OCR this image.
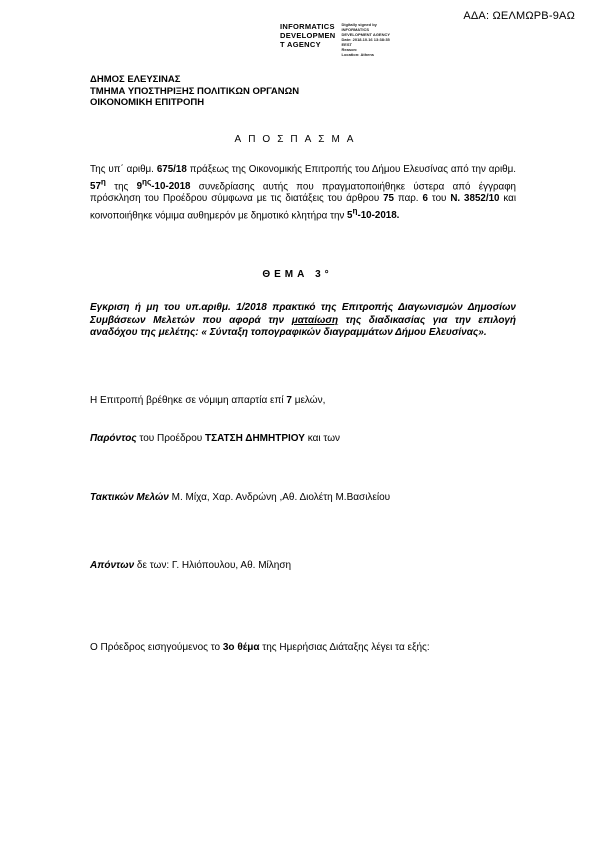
ΑΔΑ: ΩΕΛΜΩΡΒ-9ΑΩ
INFORMATICS
DEVELOPMEN
T AGENCY
Digitally signed by
INFORMATICS
DEVELOPMENT AGENCY
Date: 2018.10.16 13:38:35
EEST
Reason:
Location: Athens
ΔΗΜΟΣ ΕΛΕΥΣΙΝΑΣ
ΤΜΗΜΑ ΥΠΟΣΤΗΡΙΞΗΣ ΠΟΛΙΤΙΚΩΝ ΟΡΓΑΝΩΝ
ΟΙΚΟΝΟΜΙΚΗ ΕΠΙΤΡΟΠΗ
ΑΠΟΣΠΑΣΜΑ
Της υπ΄ αριθμ. 675/18 πράξεως της Οικονομικής Επιτροπής του Δήμου Ελευσίνας από την αριθμ. $57^\eta$ της $9^{\eta\varsigma}-10-2018$ συνεδρίασης αυτής που πραγματοποιήθηκε ύστερα από έγγραφη πρόσκληση του Προέδρου σύμφωνα με τις διατάξεις του άρθρου 75 παρ. 6 του Ν. 3852/10 και κοινοποιήθηκε νόμιμα αυθημερόν με δημοτικό κλητήρα την $5^\eta-10-2018$.
ΘΕΜΑ 3°
Εγκριση ή μη του υπ.αριθμ. 1/2018 πρακτικό της Επιτροπής Διαγωνισμών Δημοσίων Συμβάσεων Μελετών που αφορά την ματαίωση της διαδικασίας για την επιλογή αναδόχου της μελέτης: « Σύνταξη τοπογραφικών διαγραμμάτων Δήμου Ελευσίνας».
Η Επιτροπή βρέθηκε σε νόμιμη απαρτία επί 7 μελών,
Παρόντος του Προέδρου ΤΣΑΤΣΗ ΔΗΜΗΤΡΙΟΥ και των
Τακτικών Μελών Μ. Μίχα, Χαρ. Ανδρώνη ,Αθ. Διολέτη Μ.Βασιλείου
Απόντων δε των: Γ. Ηλιόπουλου, Αθ. Μίληση
Ο Πρόεδρος εισηγούμενος το 3ο θέμα της Ημερήσιας Διάταξης λέγει τα εξής:
